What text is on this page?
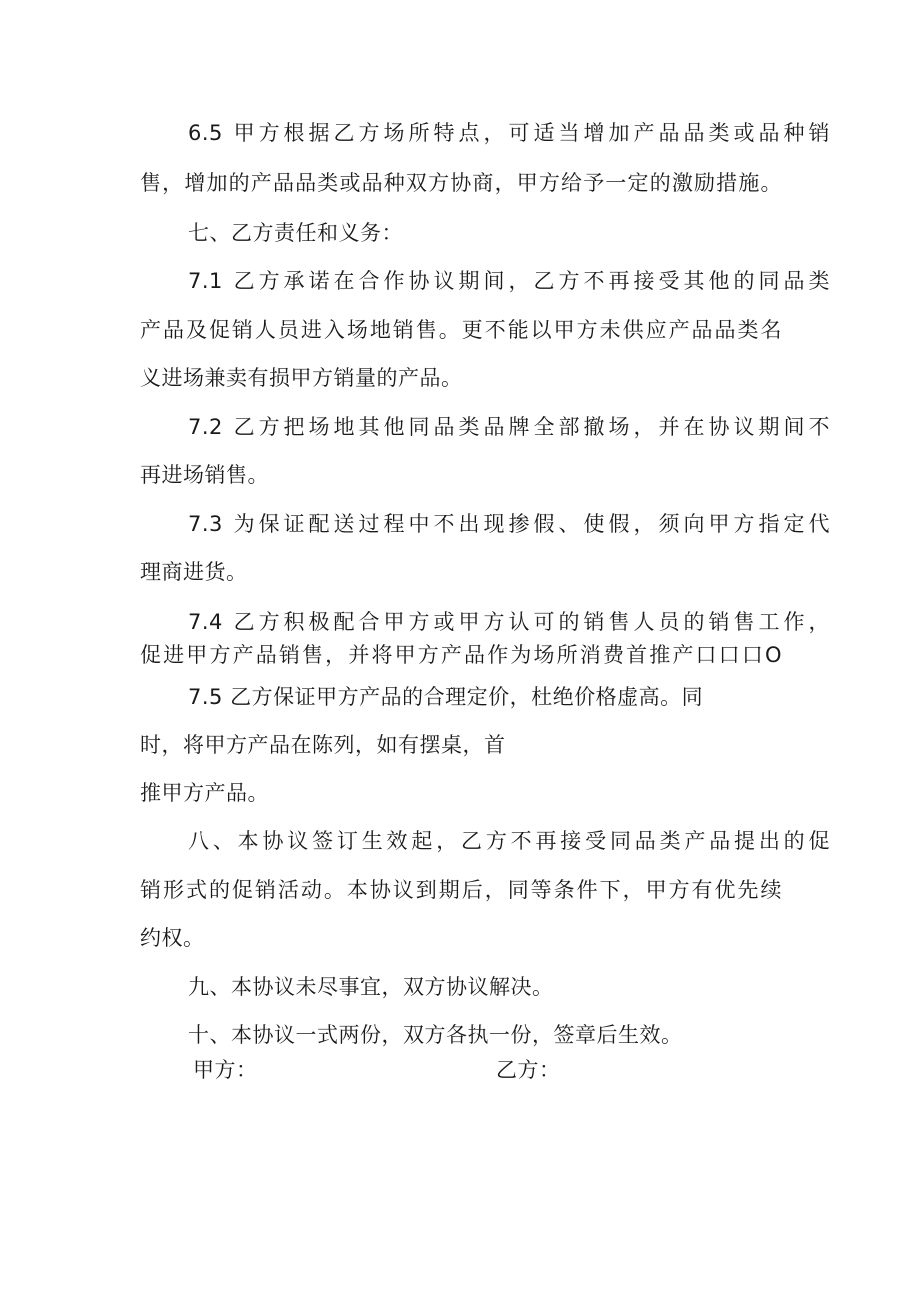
6.5 甲方根据乙方场所特点，可适当增加产品品类或品种销
售，增加的产品品类或品种双方协商，甲方给予一定的激励措施。
七、乙方责任和义务：
7.1 乙方承诺在合作协议期间，乙方不再接受其他的同品类
产品及促销人员进入场地销售。更不能以甲方未供应产品品类名
义进场兼卖有损甲方销量的产品。
7.2 乙方把场地其他同品类品牌全部撤场，并在协议期间不
再进场销售。
7.3 为保证配送过程中不出现掺假、使假，须向甲方指定代
理商进货。
7.4 乙方积极配合甲方或甲方认可的销售人员的销售工作，
促进甲方产品销售，并将甲方产品作为场所消费首推产口口口O
7.5 乙方保证甲方产品的合理定价，杜绝价格虚高。同
时，将甲方产品在陈列，如有摆桌，首
推甲方产品。
八、本协议签订生效起，乙方不再接受同品类产品提出的促
销形式的促销活动。本协议到期后，同等条件下，甲方有优先续
约权。
九、本协议未尽事宜，双方协议解决。
十、本协议一式两份，双方各执一份，签章后生效。
甲方：	乙方：
